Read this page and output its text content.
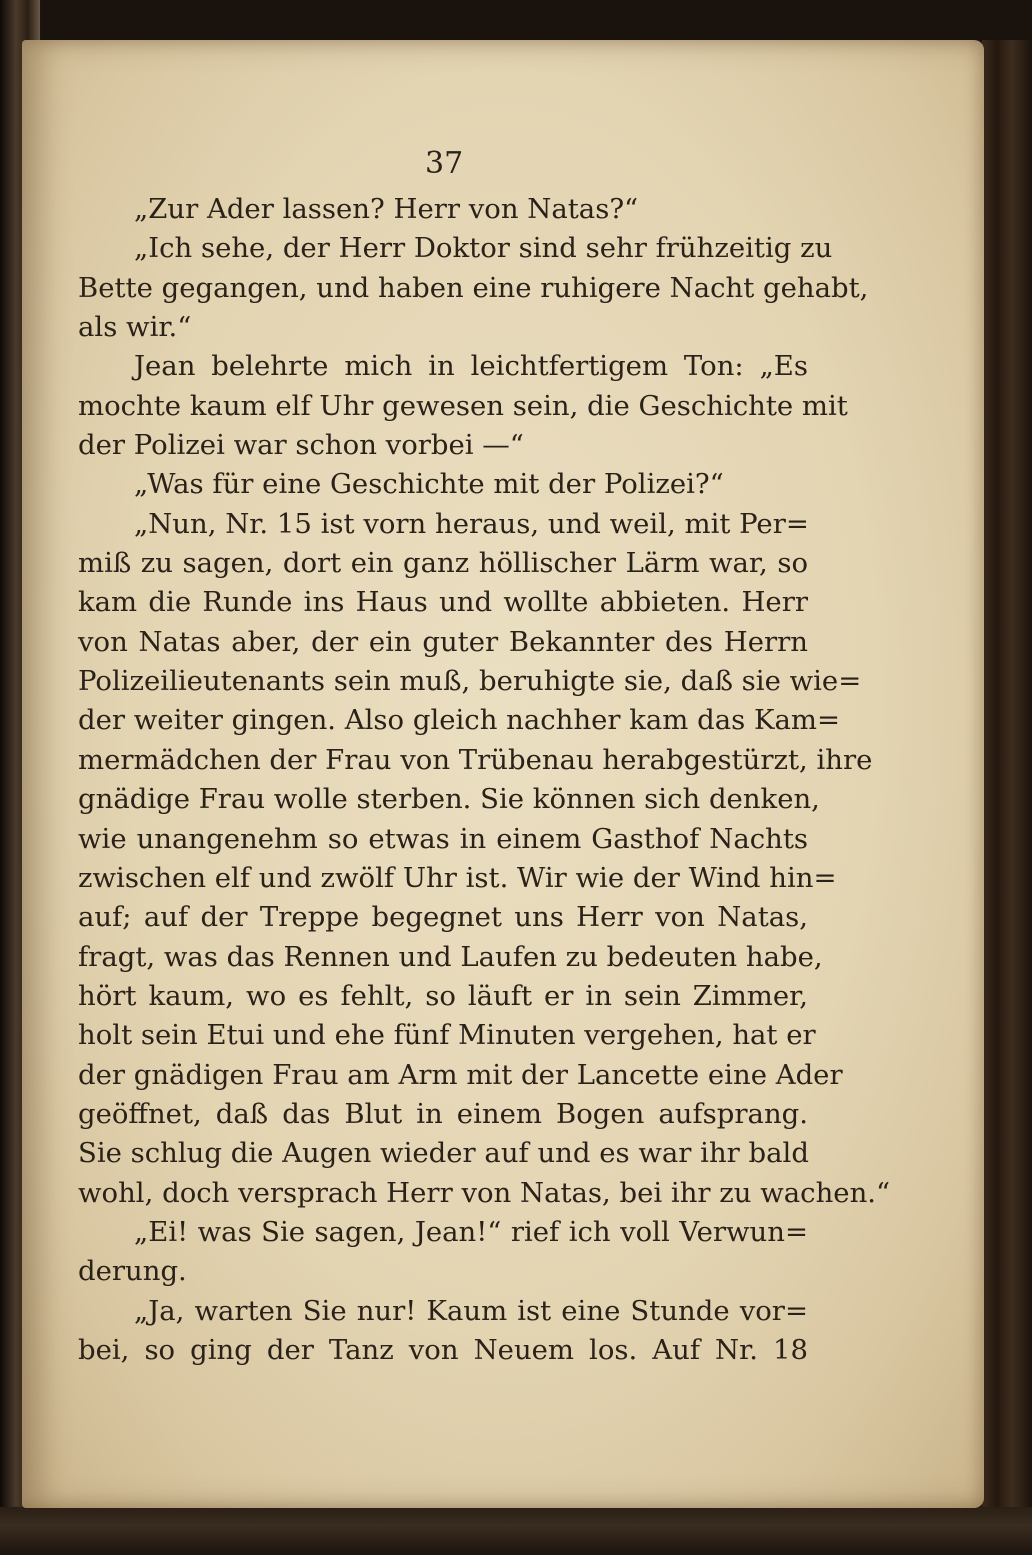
37
„Zur Ader lassen? Herr von Natas?“
„Ich sehe, der Herr Doktor sind sehr frühzeitig zu
Bette gegangen, und haben eine ruhigere Nacht gehabt,
als wir.“
Jean belehrte mich in leichtfertigem Ton: „Es
mochte kaum elf Uhr gewesen sein, die Geschichte mit
der Polizei war schon vorbei —“
„Was für eine Geschichte mit der Polizei?“
„Nun, Nr. 15 ist vorn heraus, und weil, mit Per=
miß zu sagen, dort ein ganz höllischer Lärm war, so
kam die Runde ins Haus und wollte abbieten. Herr
von Natas aber, der ein guter Bekannter des Herrn
Polizeilieutenants sein muß, beruhigte sie, daß sie wie=
der weiter gingen. Also gleich nachher kam das Kam=
mermädchen der Frau von Trübenau herabgestürzt, ihre
gnädige Frau wolle sterben. Sie können sich denken,
wie unangenehm so etwas in einem Gasthof Nachts
zwischen elf und zwölf Uhr ist. Wir wie der Wind hin=
auf; auf der Treppe begegnet uns Herr von Natas,
fragt, was das Rennen und Laufen zu bedeuten habe,
hört kaum, wo es fehlt, so läuft er in sein Zimmer,
holt sein Etui und ehe fünf Minuten vergehen, hat er
der gnädigen Frau am Arm mit der Lancette eine Ader
geöffnet, daß das Blut in einem Bogen aufsprang.
Sie schlug die Augen wieder auf und es war ihr bald
wohl, doch versprach Herr von Natas, bei ihr zu wachen.“
„Ei! was Sie sagen, Jean!“ rief ich voll Verwun=
derung.
„Ja, warten Sie nur! Kaum ist eine Stunde vor=
bei, so ging der Tanz von Neuem los. Auf Nr. 18
